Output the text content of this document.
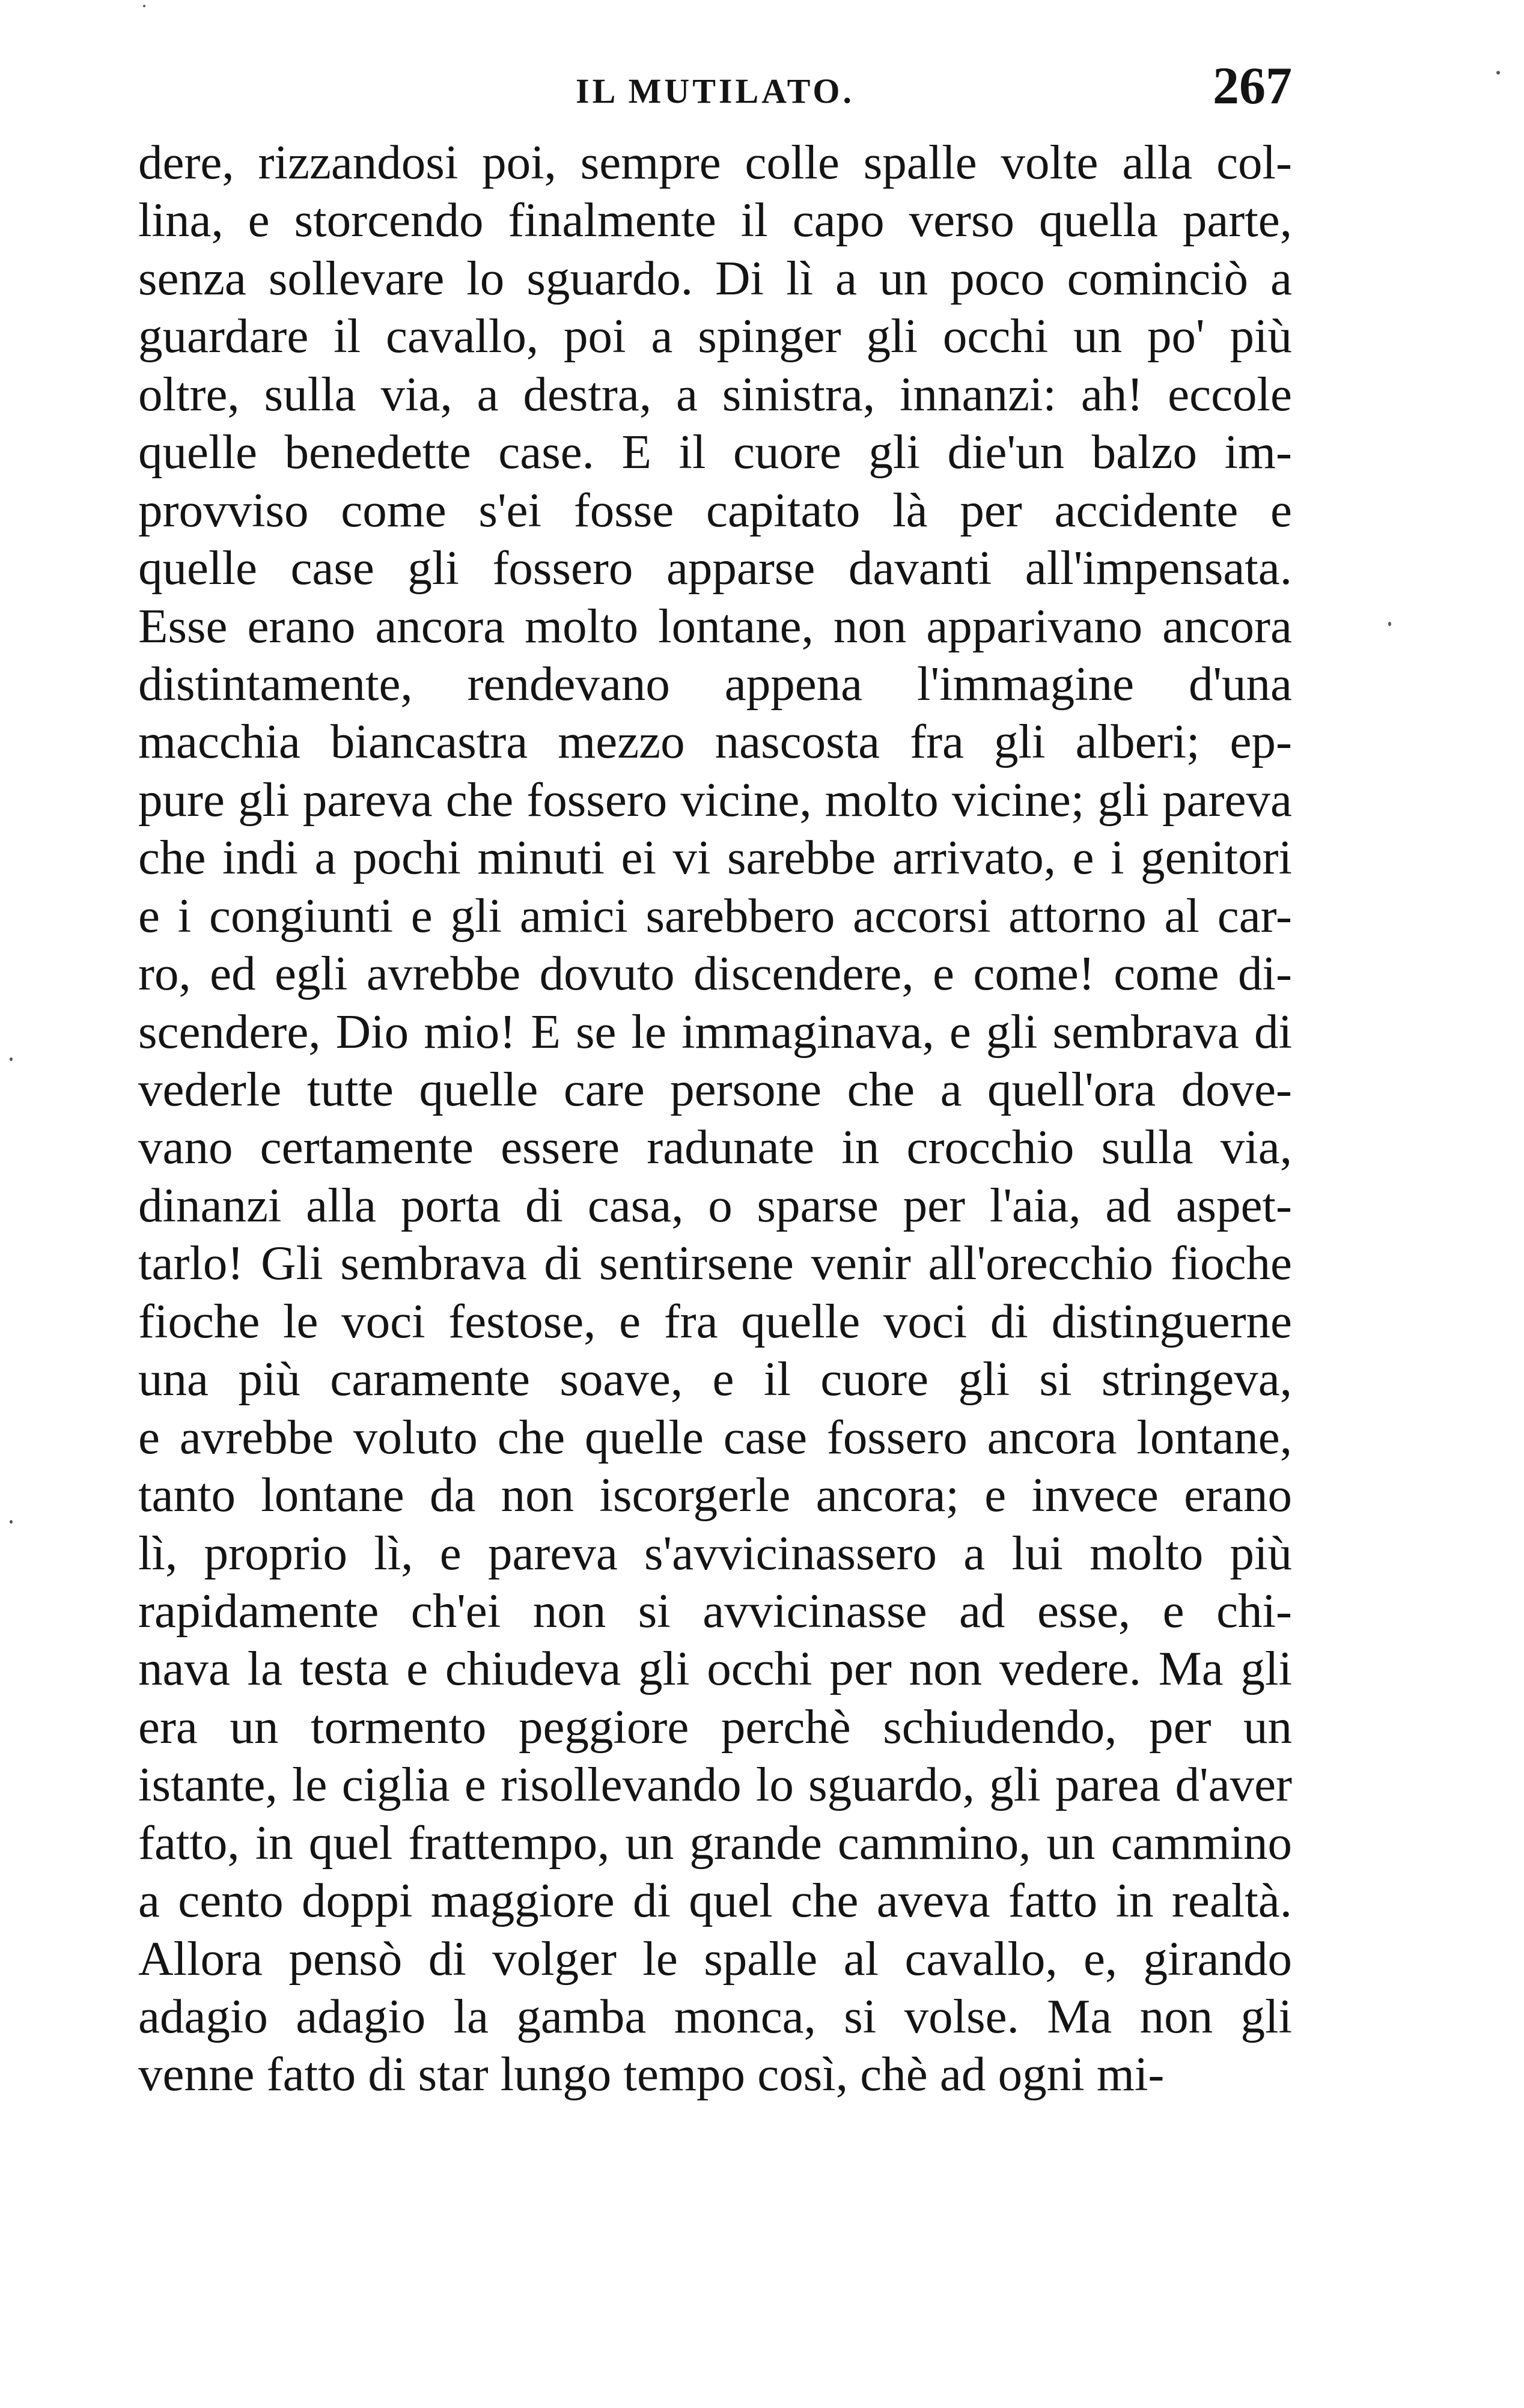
IL MUTILATO.	267
dere, rizzandosi poi, sempre colle spalle volte alla col-
lina, e storcendo finalmente il capo verso quella parte,
senza sollevare lo sguardo. Di lì a un poco cominciò a
guardare il cavallo, poi a spinger gli occhi un po' più
oltre, sulla via, a destra, a sinistra, innanzi: ah! eccole
quelle benedette case. E il cuore gli die'un balzo im-
provviso come s'ei fosse capitato là per accidente e
quelle case gli fossero apparse davanti all'impensata.
Esse erano ancora molto lontane, non apparivano ancora
distintamente, rendevano appena l'immagine d'una
macchia biancastra mezzo nascosta fra gli alberi; ep-
pure gli pareva che fossero vicine, molto vicine; gli pareva
che indi a pochi minuti ei vi sarebbe arrivato, e i genitori
e i congiunti e gli amici sarebbero accorsi attorno al car-
ro, ed egli avrebbe dovuto discendere, e come! come di-
scendere, Dio mio! E se le immaginava, e gli sembrava di
vederle tutte quelle care persone che a quell'ora dove-
vano certamente essere radunate in crocchio sulla via,
dinanzi alla porta di casa, o sparse per l'aia, ad aspet-
tarlo! Gli sembrava di sentirsene venir all'orecchio fioche
fioche le voci festose, e fra quelle voci di distinguerne
una più caramente soave, e il cuore gli si stringeva,
e avrebbe voluto che quelle case fossero ancora lontane,
tanto lontane da non iscorgerle ancora; e invece erano
lì, proprio lì, e pareva s'avvicinassero a lui molto più
rapidamente ch'ei non si avvicinasse ad esse, e chi-
nava la testa e chiudeva gli occhi per non vedere. Ma gli
era un tormento peggiore perchè schiudendo, per un
istante, le ciglia e risollevando lo sguardo, gli parea d'aver
fatto, in quel frattempo, un grande cammino, un cammino
a cento doppi maggiore di quel che aveva fatto in realtà.
Allora pensò di volger le spalle al cavallo, e, girando
adagio adagio la gamba monca, si volse. Ma non gli
venne fatto di star lungo tempo così, chè ad ogni mi-
